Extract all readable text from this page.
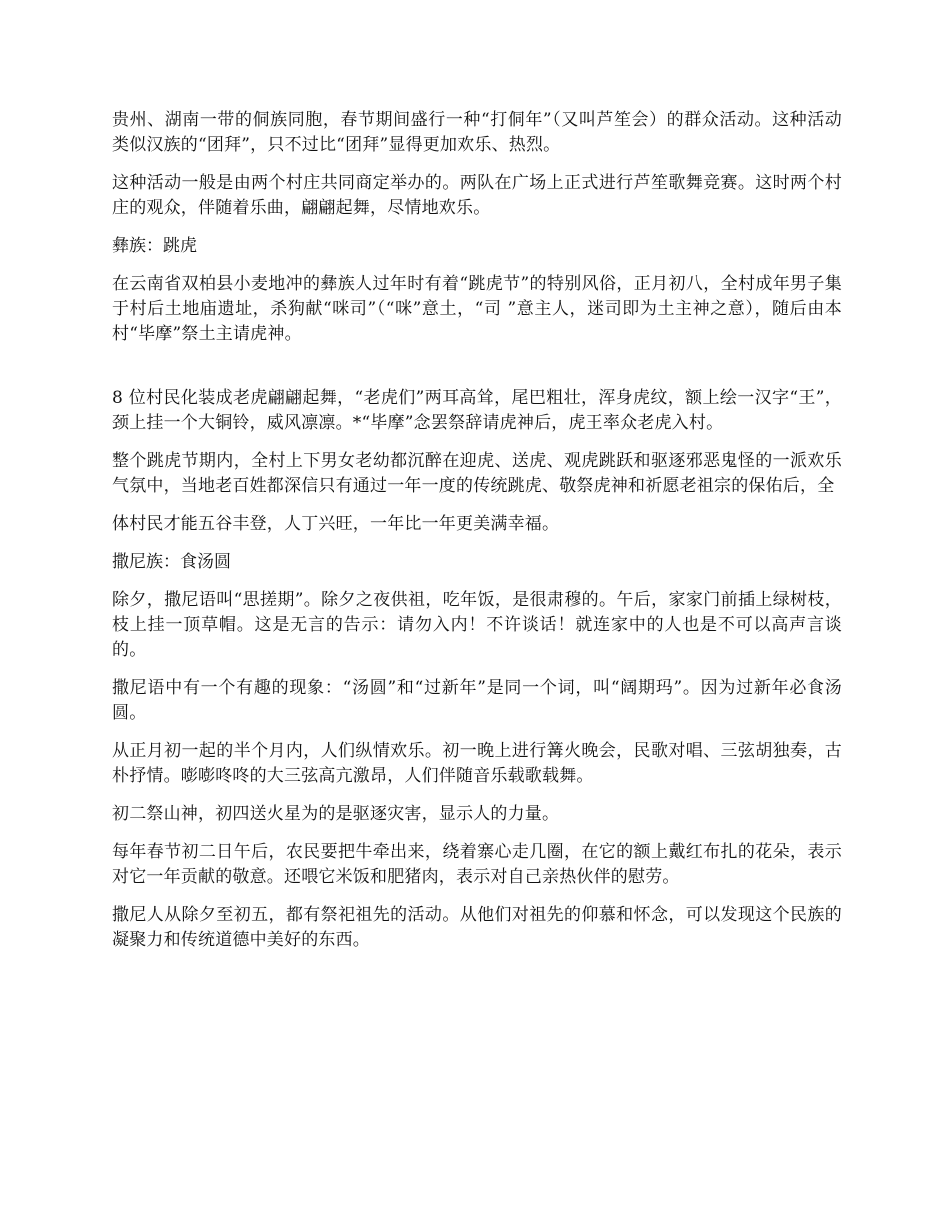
贵州、湖南一带的侗族同胞，春节期间盛行一种“打侗年”（又叫芦笙会）的群众活动。这种活动类似汉族的“团拜”，只不过比“团拜”显得更加欢乐、热烈。

这种活动一般是由两个村庄共同商定举办的。两队在广场上正式进行芦笙歌舞竞赛。这时两个村庄的观众，伴随着乐曲，翩翩起舞，尽情地欢乐。

彝族：跳虎

在云南省双柏县小麦地冲的彝族人过年时有着“跳虎节”的特别风俗，正月初八，全村成年男子集于村后土地庙遗址，杀狗献“咪司”（“咪”意土，“司 ”意主人，迷司即为土主神之意），随后由本村“毕摩”祭土主请虎神。

8 位村民化装成老虎翩翩起舞，“老虎们”两耳高耸，尾巴粗壮，浑身虎纹，额上绘一汉字“王”，颈上挂一个大铜铃，威风凛凛。*“毕摩”念罢祭辞请虎神后，虎王率众老虎入村。

整个跳虎节期内，全村上下男女老幼都沉醉在迎虎、送虎、观虎跳跃和驱逐邪恶鬼怪的一派欢乐气氛中，当地老百姓都深信只有通过一年一度的传统跳虎、敬祭虎神和祈愿老祖宗的保佑后，全

体村民才能五谷丰登，人丁兴旺，一年比一年更美满幸福。

撒尼族：食汤圆

除夕，撒尼语叫“思搓期”。除夕之夜供祖，吃年饭，是很肃穆的。午后，家家门前插上绿树枝，枝上挂一顶草帽。这是无言的告示：请勿入内！不许谈话！就连家中的人也是不可以高声言谈的。

撒尼语中有一个有趣的现象：“汤圆”和“过新年”是同一个词，叫“阔期玛”。因为过新年必食汤圆。

从正月初一起的半个月内，人们纵情欢乐。初一晚上进行篝火晚会，民歌对唱、三弦胡独奏，古朴抒情。嘭嘭咚咚的大三弦高亢激昂，人们伴随音乐载歌载舞。

初二祭山神，初四送火星为的是驱逐灾害，显示人的力量。

每年春节初二日午后，农民要把牛牵出来，绕着寨心走几圈，在它的额上戴红布扎的花朵，表示对它一年贡献的敬意。还喂它米饭和肥猪肉，表示对自己亲热伙伴的慰劳。

撒尼人从除夕至初五，都有祭祀祖先的活动。从他们对祖先的仰慕和怀念，可以发现这个民族的凝聚力和传统道德中美好的东西。
